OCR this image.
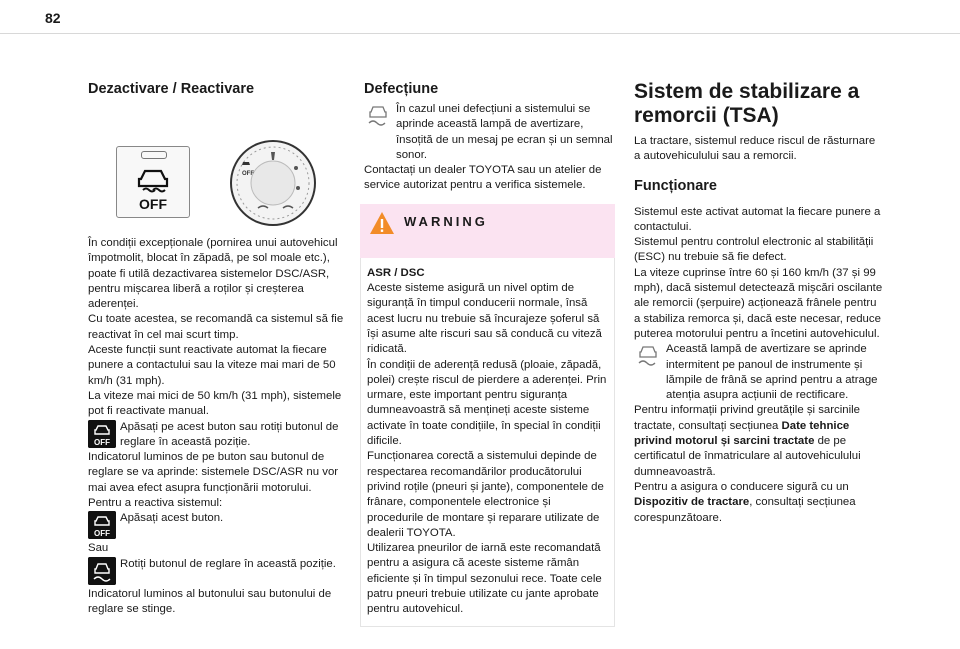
82
Dezactivare / Reactivare
OFF
OFF

În condiții excepționale (pornirea unui autovehicul împotmolit, blocat în zăpadă, pe sol moale etc.), poate fi utilă dezactivarea sistemelor DSC/ASR, pentru mișcarea liberă a roților și creșterea aderenței.

Cu toate acestea, se recomandă ca sistemul să fie reactivat în cel mai scurt timp.

Aceste funcții sunt reactivate automat la fiecare punere a contactului sau la viteze mai mari de 50 km/h (31 mph).

La viteze mai mici de 50 km/h (31 mph), sistemele pot fi reactivate manual.

OFF
Apăsați pe acest buton sau rotiți butonul de reglare în această poziție.

Indicatorul luminos de pe buton sau butonul de reglare se va aprinde: sistemele DSC/ASR nu vor mai avea efect asupra funcționării motorului.

Pentru a reactiva sistemul:

OFF
Apăsați acest buton.

Sau

Rotiți butonul de reglare în această poziție.

Indicatorul luminos al butonului sau butonului de reglare se stinge.

Defecțiune
În cazul unei defecțiuni a sistemului se aprinde această lampă de avertizare, însoțită de un mesaj pe ecran și un semnal sonor.

Contactați un dealer TOYOTA sau un atelier de service autorizat pentru a verifica sistemele.

WARNING

ASR / DSC

Aceste sisteme asigură un nivel optim de siguranță în timpul conducerii normale, însă acest lucru nu trebuie să încurajeze șoferul să își asume alte riscuri sau să conducă cu viteză ridicată.

În condiții de aderență redusă (ploaie, zăpadă, polei) crește riscul de pierdere a aderenței. Prin urmare, este important pentru siguranța dumneavoastră să mențineți aceste sisteme activate în toate condițiile, în special în condiții dificile.

Funcționarea corectă a sistemului depinde de respectarea recomandărilor producătorului privind roțile (pneuri și jante), componentele de frânare, componentele electronice și procedurile de montare și reparare utilizate de dealerii TOYOTA.

Utilizarea pneurilor de iarnă este recomandată pentru a asigura că aceste sisteme rămân eficiente și în timpul sezonului rece. Toate cele patru pneuri trebuie utilizate cu jante aprobate pentru autovehicul.

Sistem de stabilizare a remorcii (TSA)

La tractare, sistemul reduce riscul de răsturnare a autovehiculului sau a remorcii.

Funcționare

Sistemul este activat automat la fiecare punere a contactului.

Sistemul pentru controlul electronic al stabilității (ESC) nu trebuie să fie defect.

La viteze cuprinse între 60 și 160 km/h (37 și 99 mph), dacă sistemul detectează mișcări oscilante ale remorcii (șerpuire) acționează frânele pentru a stabiliza remorca și, dacă este necesar, reduce puterea motorului pentru a încetini autovehiculul.

Această lampă de avertizare se aprinde intermitent pe panoul de instrumente și lămpile de frână se aprind pentru a atrage atenția asupra acțiunii de rectificare.

Pentru informații privind greutățile și sarcinile tractate, consultați secțiunea Date tehnice privind motorul și sarcini tractate de pe certificatul de înmatriculare al autovehiculului dumneavoastră.

Pentru a asigura o conducere sigură cu un Dispozitiv de tractare, consultați secțiunea corespunzătoare.
